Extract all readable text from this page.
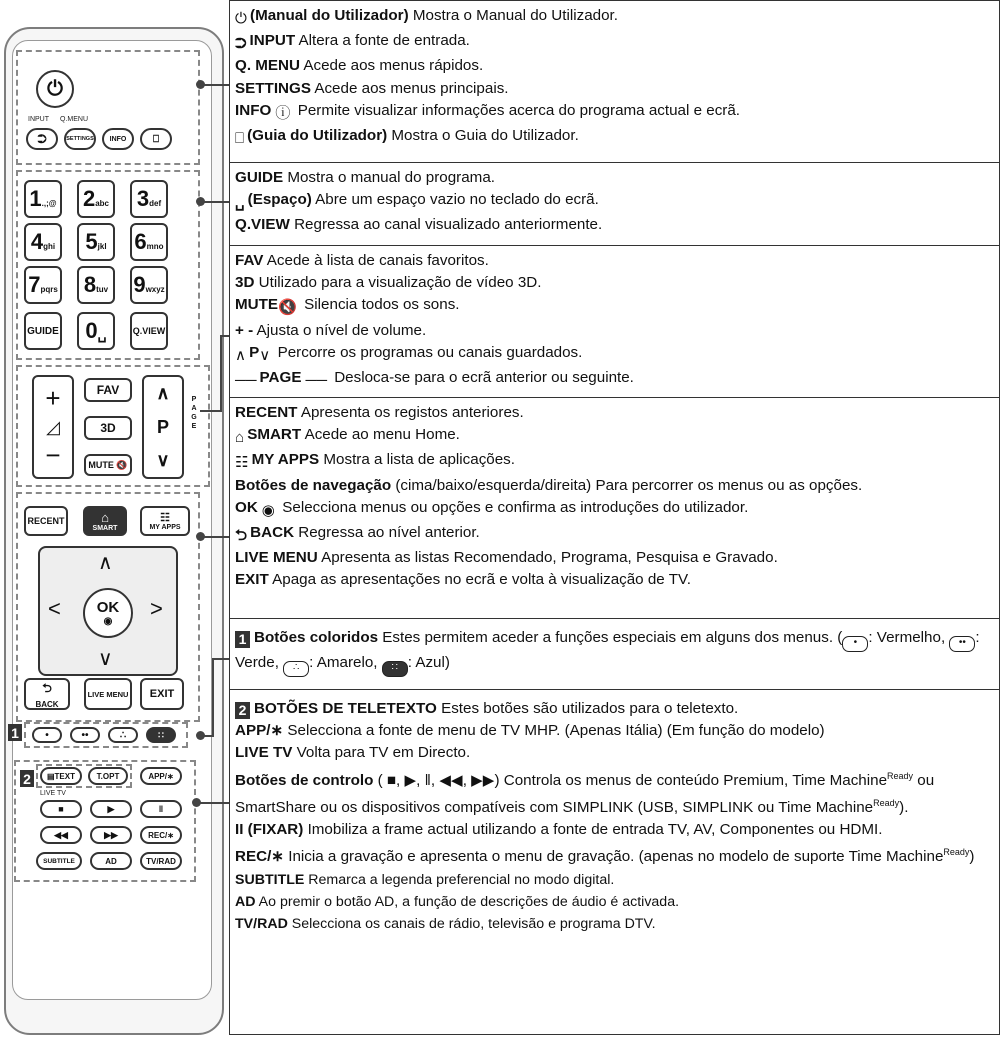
⏻
INPUT Q.MENU
⮊	SETTINGS INFO	⎕
1 .,;@ 2 abc 3 def
4 ghi 5 jkl 6 mno
7 pqrs 8 tuv 9 wxyz
GUIDE 0 ␣	Q.VIEW
+
◿
−
FAV
3D
MUTE 🔇
∧
P
∨
P
A
G
E
RECENT	⌂
SMART
☷
MY APPS
∧
∨
<	>
OK
◉
⮌
BACK
LIVE MENU EXIT
1	•	••	∴	∷
2	▤ TEXT	T.OPT	APP/∗
LIVE TV
■	▶	‖
◀◀	▶▶	REC/∗
SUBTITLE	AD	TV/RAD
⏻ (Manual do Utilizador) Mostra o Manual do Utilizador.
⮊ INPUT Altera a fonte de entrada.
Q. MENU Acede aos menus rápidos.
SETTINGS Acede aos menus principais.
INFO ⓘ Permite visualizar informações acerca do programa actual e ecrã.
⎕ (Guia do Utilizador) Mostra o Guia do Utilizador.
GUIDE Mostra o manual do programa.
␣ (Espaço) Abre um espaço vazio no teclado do ecrã.
Q.VIEW Regressa ao canal visualizado anteriormente.
FAV Acede à lista de canais favoritos.
3D Utilizado para a visualização de vídeo 3D.
MUTE🔇 Silencia todos os sons.
+ - Ajusta o nível de volume.
∧ P∨ Percorre os programas ou canais guardados.
── PAGE ── Desloca-se para o ecrã anterior ou seguinte.
RECENT Apresenta os registos anteriores.
⌂ SMART Acede ao menu Home.
☷ MY APPS Mostra a lista de aplicações.
Botões de navegação (cima/baixo/esquerda/direita) Para percorrer os menus ou as opções.
OK ◉ Selecciona menus ou opções e confirma as introduções do utilizador.
⮌ BACK Regressa ao nível anterior.
LIVE MENU Apresenta as listas Recomendado, Programa, Pesquisa e Gravado.
EXIT Apaga as apresentações no ecrã e volta à visualização de TV.
1 Botões coloridos Estes permitem aceder a funções especiais em alguns dos menus. ( • : Vermelho, •• : Verde, ∴ : Amarelo, ∷ : Azul)
2 BOTÕES DE TELETEXTO Estes botões são utilizados para o teletexto.
APP/∗ Selecciona a fonte de menu de TV MHP. (Apenas Itália) (Em função do modelo)
LIVE TV Volta para TV em Directo.
Botões de controlo ( ■, ▶, ‖, ◀◀, ▶▶) Controla os menus de conteúdo Premium, Time Machine$^{Ready}$ ou SmartShare ou os dispositivos compatíveis com SIMPLINK (USB, SIMPLINK ou Time Machine$^{Ready}$).
II (FIXAR) Imobiliza a frame actual utilizando a fonte de entrada TV, AV, Componentes ou HDMI.
REC/∗ Inicia a gravação e apresenta o menu de gravação. (apenas no modelo de suporte Time Machine$^{Ready}$)
SUBTITLE Remarca a legenda preferencial no modo digital.
AD Ao premir o botão AD, a função de descrições de áudio é activada.
TV/RAD Selecciona os canais de rádio, televisão e programa DTV.
